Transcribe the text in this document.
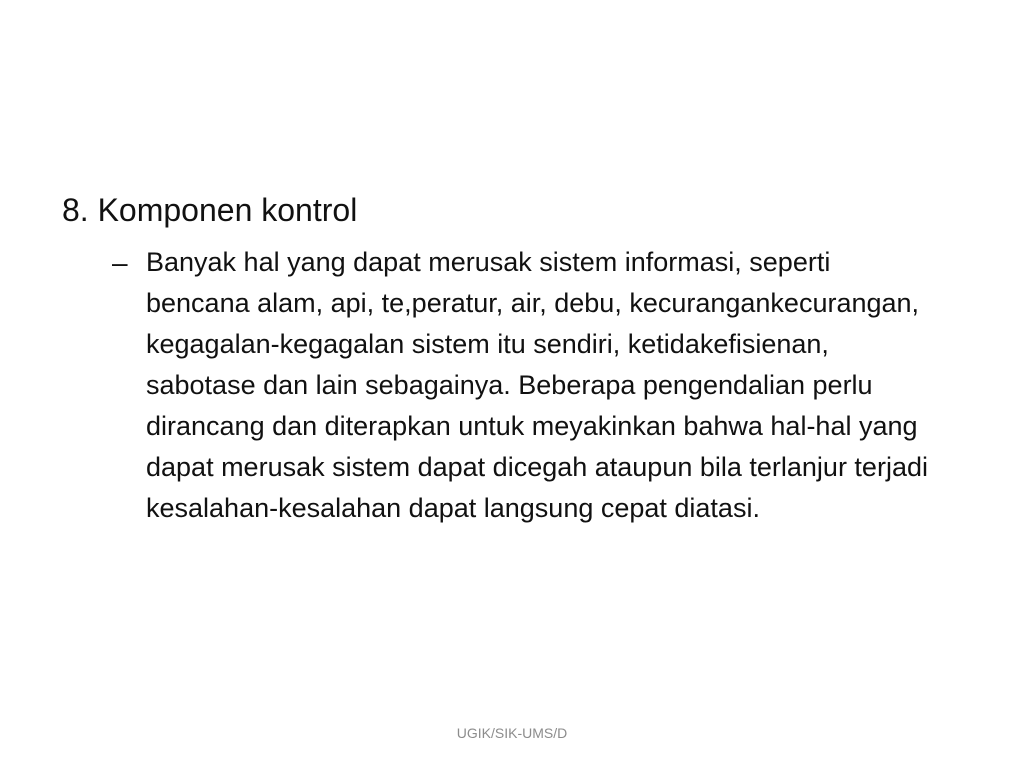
8. Komponen kontrol
– Banyak hal yang dapat merusak sistem informasi, seperti bencana alam, api, te,peratur, air, debu, kecurangankecurangan, kegagalan-kegagalan sistem itu sendiri, ketidakefisienan, sabotase dan lain sebagainya. Beberapa pengendalian perlu dirancang dan diterapkan untuk meyakinkan bahwa hal-hal yang dapat merusak sistem dapat dicegah ataupun bila terlanjur terjadi kesalahan-kesalahan dapat langsung cepat diatasi.
UGIK/SIK-UMS/D
